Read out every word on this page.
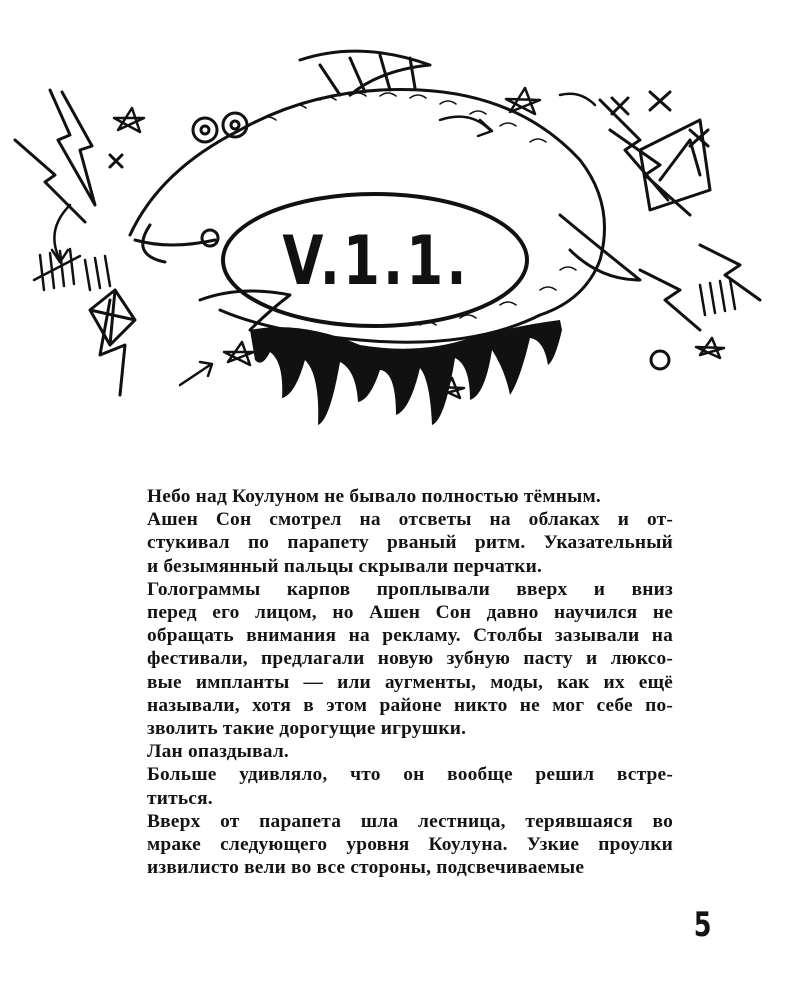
V.1.1.

Небо над Коулуном не бывало полностью тёмным.

Ашен Сон смотрел на отсветы на облаках и от-
стукивал по парапету рваный ритм. Указательный
и безымянный пальцы скрывали перчатки.

Голограммы карпов проплывали вверх и вниз
перед его лицом, но Ашен Сон давно научился не
обращать внимания на рекламу. Столбы зазывали на
фестивали, предлагали новую зубную пасту и люксо-
вые импланты — или аугменты, моды, как их ещё
называли, хотя в этом районе никто не мог себе по-
зволить такие дорогущие игрушки.

Лан опаздывал.

Больше удивляло, что он вообще решил встре-
титься.

Вверх от парапета шла лестница, терявшаяся во
мраке следующего уровня Коулуна. Узкие проулки
извилисто вели во все стороны, подсвечиваемые

5
